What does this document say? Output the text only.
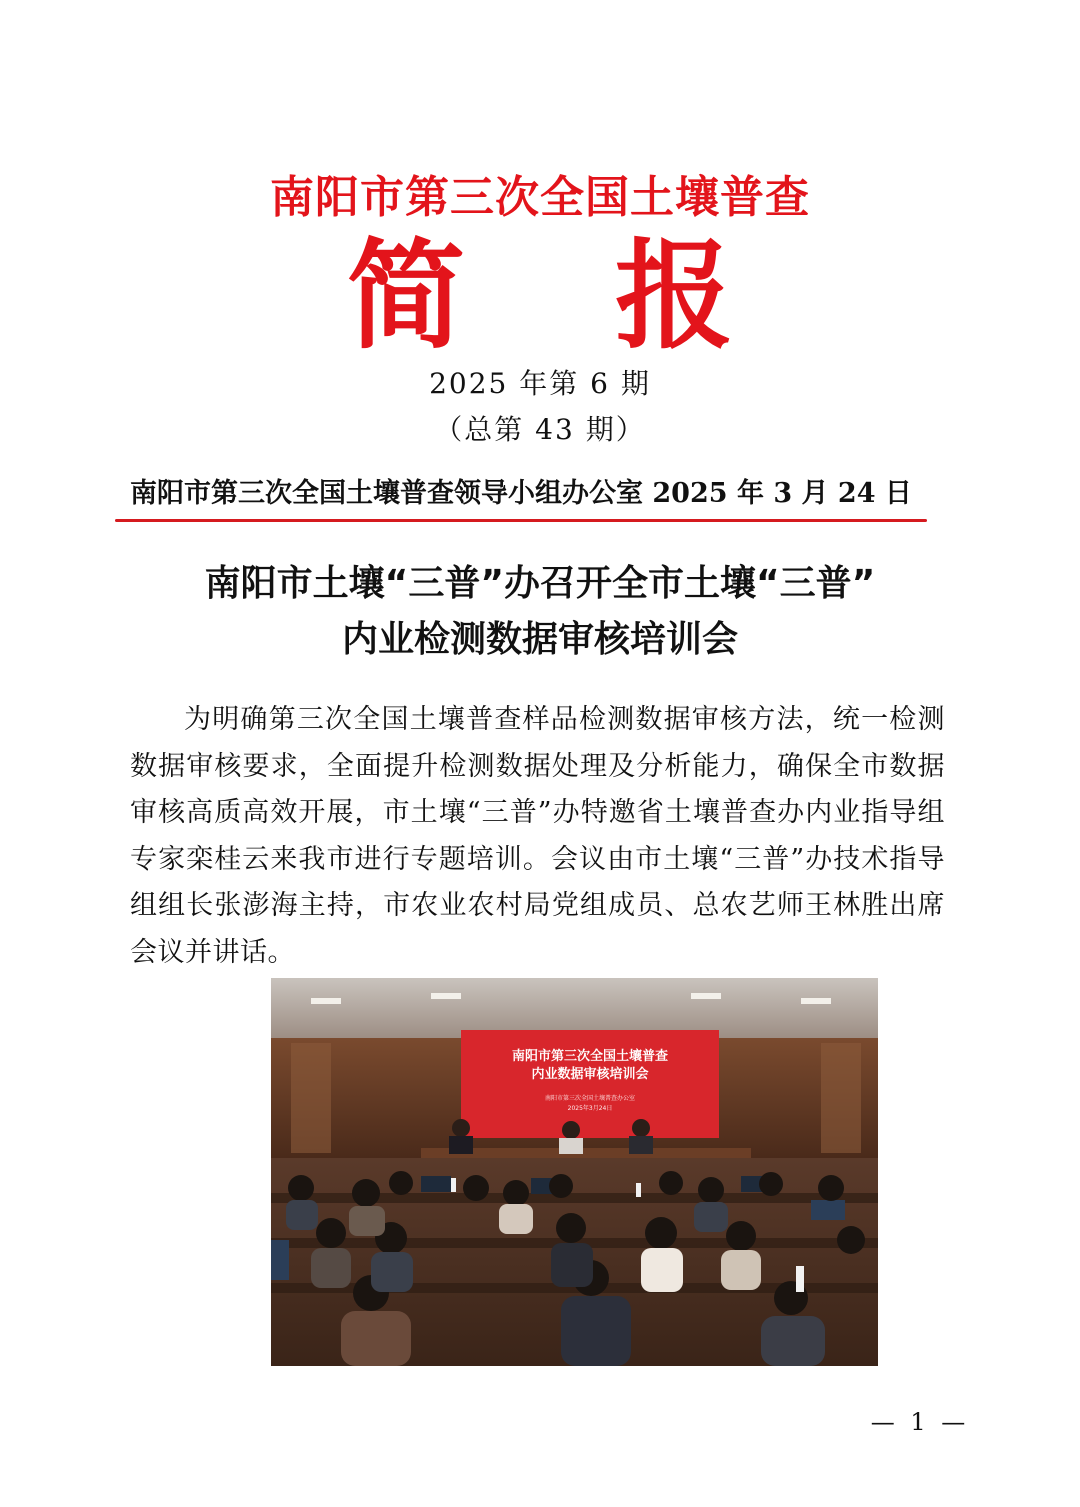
南阳市第三次全国土壤普查
简 报
2025 年第 6 期
（总第 43 期）
南阳市第三次全国土壤普查领导小组办公室 2025 年 3 月 24 日
南阳市土壤“三普”办召开全市土壤“三普”
内业检测数据审核培训会

为明确第三次全国土壤普查样品检测数据审核方法，统一检测数据审核要求，全面提升检测数据处理及分析能力，确保全市数据审核高质高效开展，市土壤“三普”办特邀省土壤普查办内业指导组专家栾桂云来我市进行专题培训。会议由市土壤“三普”办技术指导组组长张澎海主持，市农业农村局党组成员、总农艺师王林胜出席会议并讲话。

南阳市第三次全国土壤普查
内业数据审核培训会
南阳市第三次全国土壤普查办公室
2025年3月24日
— 1 —
